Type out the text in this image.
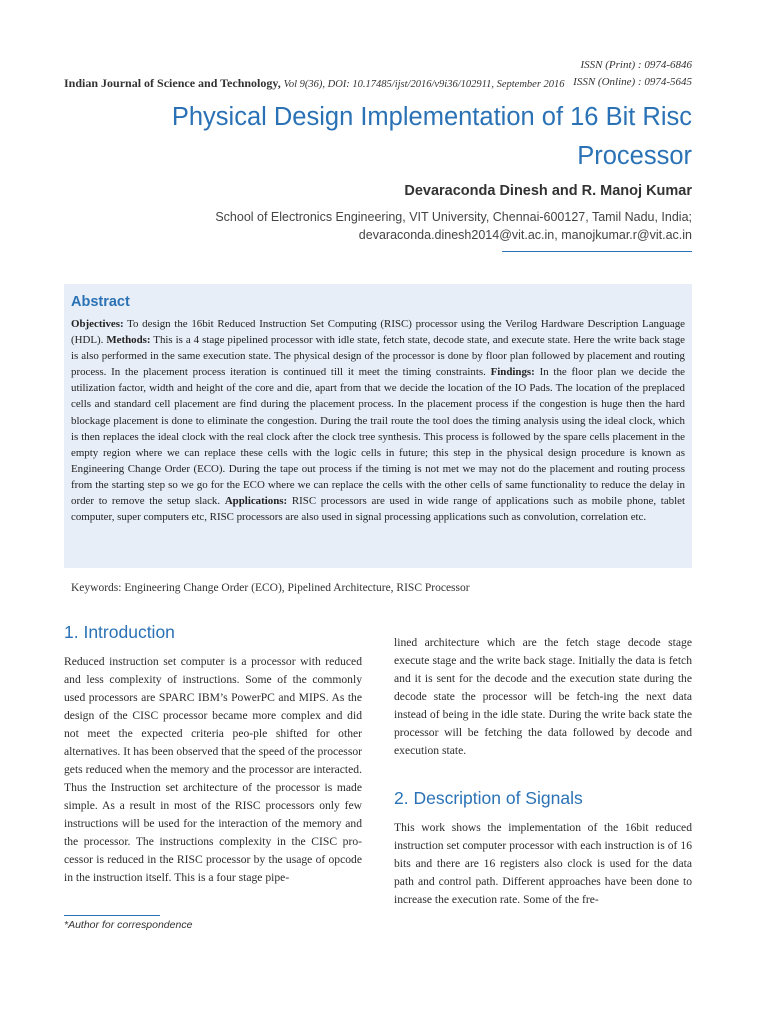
Indian Journal of Science and Technology, Vol 9(36), DOI: 10.17485/ijst/2016/v9i36/102911, September 2016
ISSN (Print) : 0974-6846
ISSN (Online) : 0974-5645
Physical Design Implementation of 16 Bit Risc
Processor
Devaraconda Dinesh and R. Manoj Kumar
School of Electronics Engineering, VIT University, Chennai-600127, Tamil Nadu, India;
devaraconda.dinesh2014@vit.ac.in, manojkumar.r@vit.ac.in
Abstract

Objectives: To design the 16bit Reduced Instruction Set Computing (RISC) processor using the Verilog Hardware Description Language (HDL). Methods: This is a 4 stage pipelined processor with idle state, fetch state, decode state, and execute state. Here the write back stage is also performed in the same execution state. The physical design of the processor is done by floor plan followed by placement and routing process. In the placement process iteration is continued till it meet the timing constraints. Findings: In the floor plan we decide the utilization factor, width and height of the core and die, apart from that we decide the location of the IO Pads. The location of the preplaced cells and standard cell placement are find during the placement process. In the placement process if the congestion is huge then the hard blockage placement is done to eliminate the congestion. During the trail route the tool does the timing analysis using the ideal clock, which is then replaces the ideal clock with the real clock after the clock tree synthesis. This process is followed by the spare cells placement in the empty region where we can replace these cells with the logic cells in future; this step in the physical design procedure is known as Engineering Change Order (ECO). During the tape out process if the timing is not met we may not do the placement and routing process from the starting step so we go for the ECO where we can replace the cells with the other cells of same functionality to reduce the delay in order to remove the setup slack. Applications: RISC processors are used in wide range of applications such as mobile phone, tablet computer, super computers etc, RISC processors are also used in signal processing applications such as convolution, correlation etc.

Keywords: Engineering Change Order (ECO), Pipelined Architecture, RISC Processor
1. Introduction

Reduced instruction set computer is a processor with reduced and less complexity of instructions. Some of the commonly used processors are SPARC IBM’s PowerPC and MIPS. As the design of the CISC processor became more complex and did not meet the expected criteria peo-ple shifted for other alternatives. It has been observed that the speed of the processor gets reduced when the memory and the processor are interacted. Thus the Instruction set architecture of the processor is made simple. As a result in most of the RISC processors only few instructions will be used for the interaction of the memory and the processor. The instructions complexity in the CISC pro-cessor is reduced in the RISC processor by the usage of opcode in the instruction itself. This is a four stage pipe-

lined architecture which are the fetch stage decode stage execute stage and the write back stage. Initially the data is fetch and it is sent for the decode and the execution state during the decode state the processor will be fetch-ing the next data instead of being in the idle state. During the write back state the processor will be fetching the data followed by decode and execution state.

2. Description of Signals

This work shows the implementation of the 16bit reduced instruction set computer processor with each instruction is of 16 bits and there are 16 registers also clock is used for the data path and control path. Different approaches have been done to increase the execution rate. Some of the fre-

*Author for correspondence
